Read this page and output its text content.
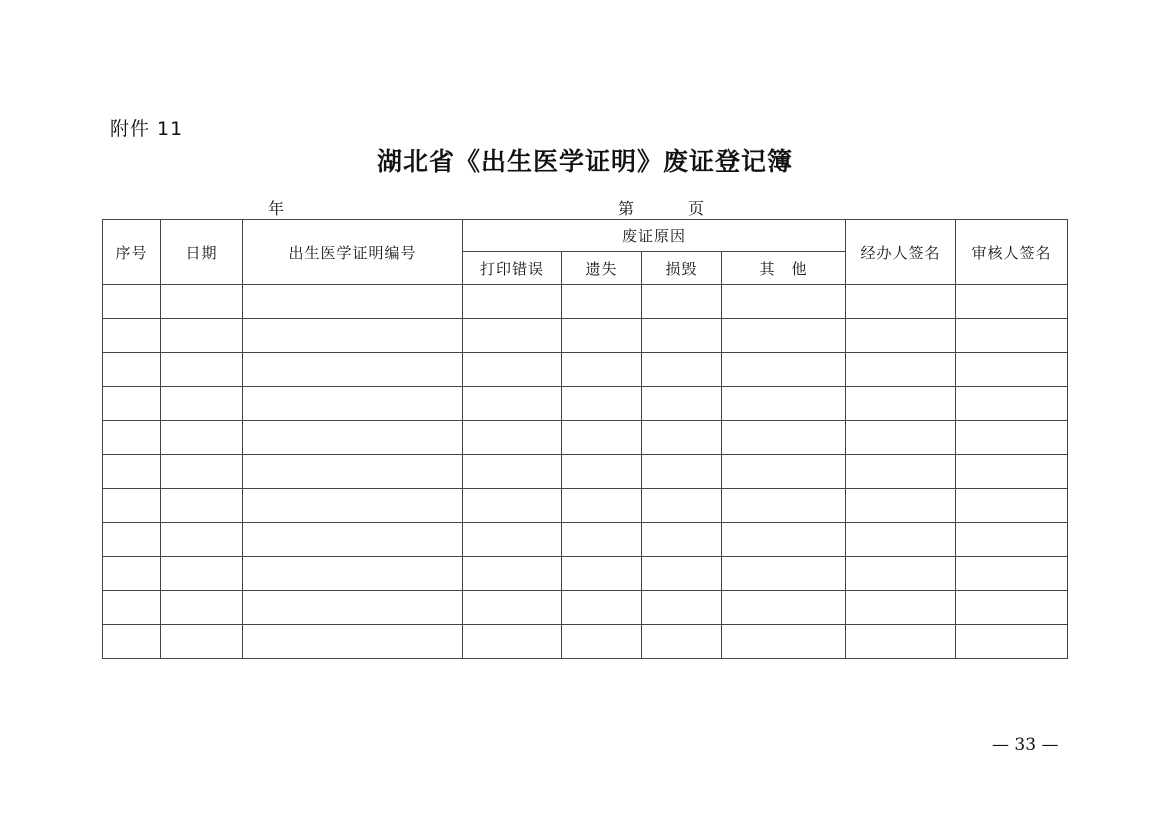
附件 11
湖北省《出生医学证明》废证登记簿
年	第	页
序号	日期	出生医学证明编号	废证原因				经办人签名	审核人签名
			打印错误	遗失	损毁	其　他		

— 33 —
